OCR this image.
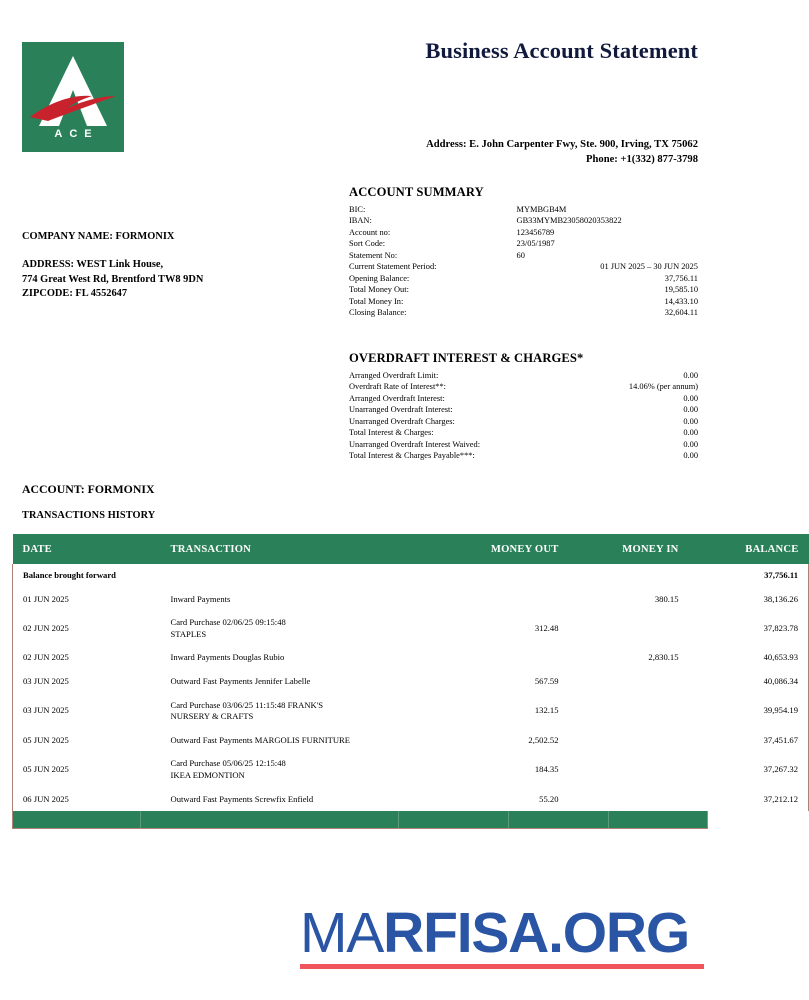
ACE
Business Account Statement
Address: E. John Carpenter Fwy, Ste. 900, Irving, TX 75062
Phone: +1(332) 877-3798
COMPANY NAME: FORMONIX
ADDRESS: WEST Link House,
774 Great West Rd, Brentford TW8 9DN
ZIPCODE: FL 4552647
ACCOUNT SUMMARY
BIC:	MYMBGB4M
IBAN:	GB33MYMB23058020353822
Account no:	123456789
Sort Code:	23/05/1987
Statement No:	60
Current Statement Period:	01 JUN 2025 – 30 JUN 2025
Opening Balance:	37,756.11
Total Money Out:	19,585.10
Total Money In:	14,433.10
Closing Balance:	32,604.11
OVERDRAFT INTEREST & CHARGES*
Arranged Overdraft Limit:	0.00
Overdraft Rate of Interest**:	14.06% (per annum)
Arranged Overdraft Interest:	0.00
Unarranged Overdraft Interest:	0.00
Unarranged Overdraft Charges:	0.00
Total Interest & Charges:	0.00
Unarranged Overdraft Interest Waived:	0.00
Total Interest & Charges Payable***:	0.00
ACCOUNT: FORMONIX
TRANSACTIONS HISTORY
DATE	TRANSACTION	MONEY OUT	MONEY IN	BALANCE
Balance brought forward				37,756.11
01 JUN 2025	Inward Payments		380.15	38,136.26
02 JUN 2025	Card Purchase 02/06/25 09:15:48
STAPLES	312.48		37,823.78
02 JUN 2025	Inward Payments Douglas Rubio		2,830.15	40,653.93
03 JUN 2025	Outward Fast Payments Jennifer Labelle	567.59		40,086.34
03 JUN 2025	Card Purchase 03/06/25 11:15:48 FRANK'S
NURSERY & CRAFTS	132.15		39,954.19
05 JUN 2025	Outward Fast Payments MARGOLIS FURNITURE	2,502.52		37,451.67
05 JUN 2025	Card Purchase 05/06/25 12:15:48
IKEA EDMONTION	184.35		37,267.32
06 JUN 2025	Outward Fast Payments Screwfix Enfield	55.20		37,212.12
MARFISA.ORG
